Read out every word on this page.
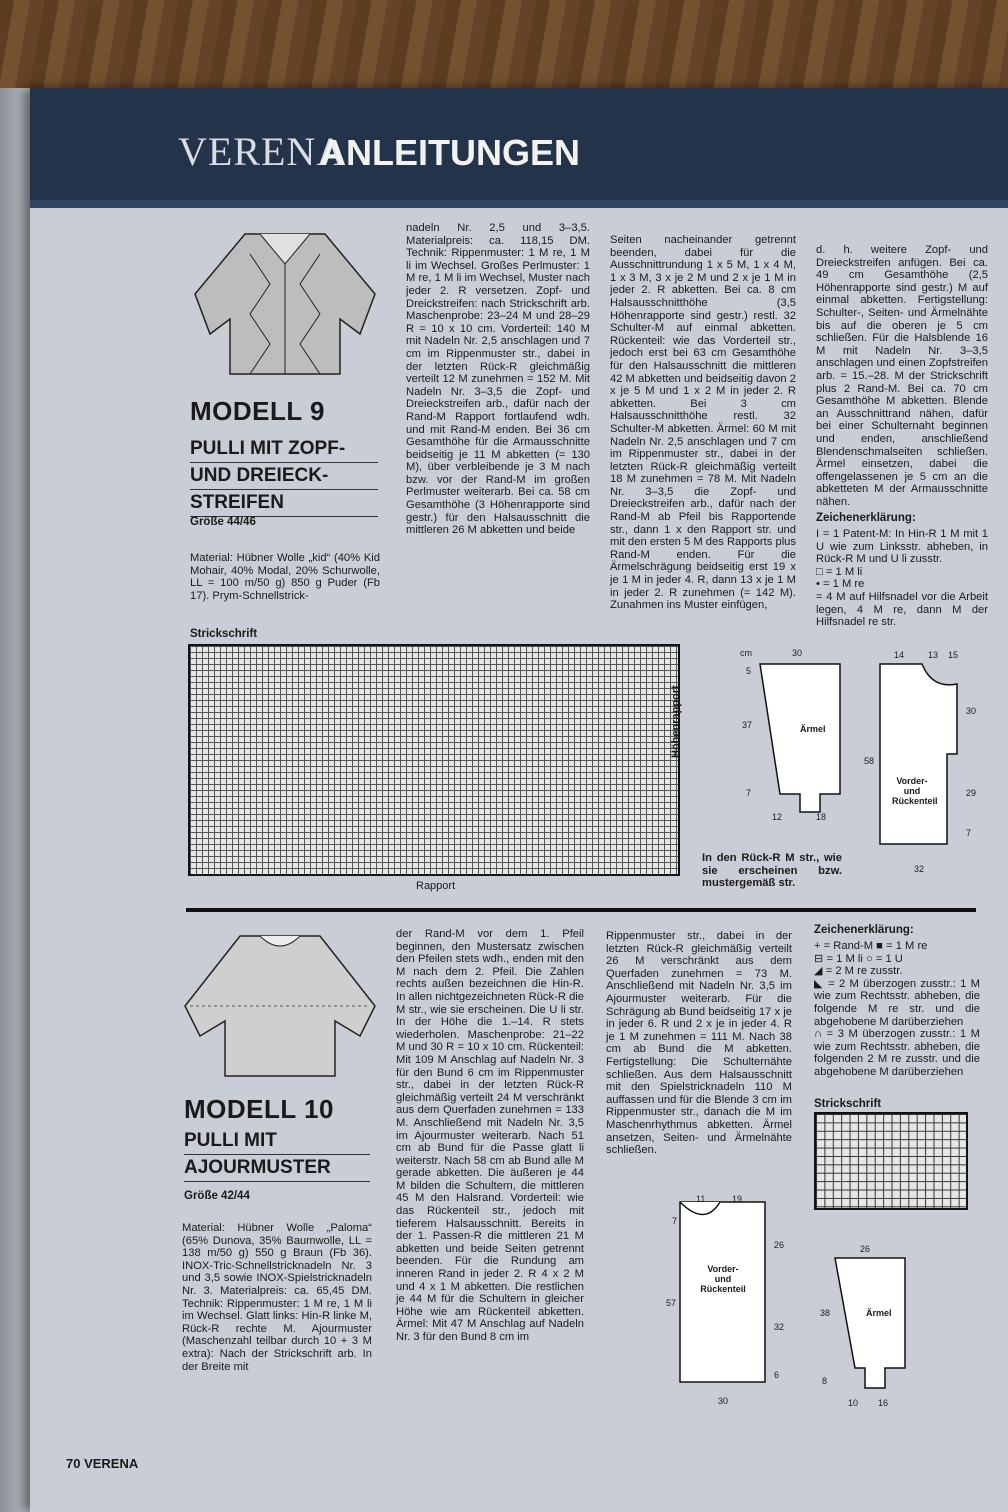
VERENA
ANLEITUNGEN
MODELL 9
PULLI MIT ZOPF-
UND DREIECK-
STREIFEN
Größe 44/46
Material: Hübner Wolle „kid“ (40% Kid Mohair, 40% Modal, 20% Schurwolle, LL = 100 m/50 g) 850 g Puder (Fb 17). Prym-Schnellstrick-
nadeln Nr. 2,5 und 3–3,5. Materialpreis: ca. 118,15 DM. Technik: Rippenmuster: 1 M re, 1 M li im Wechsel. Großes Perlmuster: 1 M re, 1 M li im Wechsel, Muster nach jeder 2. R versetzen. Zopf- und Dreickstreifen: nach Strickschrift arb. Maschenprobe: 23–24 M und 28–29 R = 10 x 10 cm. Vorderteil: 140 M mit Nadeln Nr. 2,5 anschlagen und 7 cm im Rippenmuster str., dabei in der letzten Rück-R gleichmäßig verteilt 12 M zunehmen = 152 M. Mit Nadeln Nr. 3–3,5 die Zopf- und Dreieckstreifen arb., dafür nach der Rand-M Rapport fortlaufend wdh. und mit Rand-M enden. Bei 36 cm Gesamthöhe für die Armausschnitte beidseitig je 11 M abketten (= 130 M), über verbleibende je 3 M nach bzw. vor der Rand-M im großen Perlmuster weiterarb. Bei ca. 58 cm Gesamthöhe (3 Höhenrapporte sind gestr.) für den Halsausschnitt die mittleren 26 M abketten und beide
Seiten nacheinander getrennt beenden, dabei für die Ausschnittrundung 1 x 5 M, 1 x 4 M, 1 x 3 M, 3 x je 2 M und 2 x je 1 M in jeder 2. R abketten. Bei ca. 8 cm Halsausschnitthöhe (3,5 Höhenrapporte sind gestr.) restl. 32 Schulter-M auf einmal abketten. Rückenteil: wie das Vorderteil str., jedoch erst bei 63 cm Gesamthöhe für den Halsausschnitt die mittleren 42 M abketten und beidseitig davon 2 x je 5 M und 1 x 2 M in jeder 2. R abketten. Bei 3 cm Halsausschnitthöhe restl. 32 Schulter-M abketten. Ärmel: 60 M mit Nadeln Nr. 2,5 anschlagen und 7 cm im Rippenmuster str., dabei in der letzten Rück-R gleichmäßig verteilt 18 M zunehmen = 78 M. Mit Nadeln Nr. 3–3,5 die Zopf- und Dreieckstreifen arb., dafür nach der Rand-M ab Pfeil bis Rapportende str., dann 1 x den Rapport str. und mit den ersten 5 M des Rapports plus Rand-M enden. Für die Ärmelschrägung beidseitig erst 19 x je 1 M in jeder 4. R, dann 13 x je 1 M in jeder 2. R zunehmen (= 142 M). Zunahmen ins Muster einfügen,
d. h. weitere Zopf- und Dreieckstreifen anfügen. Bei ca. 49 cm Gesamthöhe (2,5 Höhenrapporte sind gestr.) M auf einmal abketten. Fertigstellung: Schulter-, Seiten- und Ärmelnähte bis auf die oberen je 5 cm schließen. Für die Halsblende 16 M mit Nadeln Nr. 3–3,5 anschlagen und einen Zopfstreifen arb. = 15.–28. M der Strickschrift plus 2 Rand-M. Bei ca. 70 cm Gesamthöhe M abketten. Blende an Ausschnittrand nähen, dafür bei einer Schulternaht beginnen und enden, anschließend Blendenschmalseiten schließen. Ärmel einsetzen, dabei die offengelassenen je 5 cm an die abketteten M der Armausschnitte nähen.
Zeichenerklärung:

I = 1 Patent-M: In Hin-R 1 M mit 1 U wie zum Linksstr. abheben, in Rück-R M und U li zusstr.

□ = 1 M li

• = 1 M re

= 4 M auf Hilfsnadel vor die Arbeit legen, 4 M re, dann M der Hilfsnadel re str.

Strickschrift
Rapport
Höhenrapport
In den Rück-R M str., wie sie erscheinen bzw. mustergemäß str.
Ärmel
30
cm
5
37
7
12	18
Vorder- und Rückenteil
14	13 15
30
58
29
7
32
MODELL 10
PULLI MIT
AJOURMUSTER
Größe 42/44
Material: Hübner Wolle „Paloma“ (65% Dunova, 35% Baumwolle, LL = 138 m/50 g) 550 g Braun (Fb 36). INOX-Tric-Schnellstricknadeln Nr. 3 und 3,5 sowie INOX-Spielstricknadeln Nr. 3. Materialpreis: ca. 65,45 DM. Technik: Rippenmuster: 1 M re, 1 M li im Wechsel. Glatt links: Hin-R linke M, Rück-R rechte M. Ajourmuster (Maschenzahl teilbar durch 10 + 3 M extra): Nach der Strickschrift arb. In der Breite mit
der Rand-M vor dem 1. Pfeil beginnen, den Mustersatz zwischen den Pfeilen stets wdh., enden mit den M nach dem 2. Pfeil. Die Zahlen rechts außen bezeichnen die Hin-R. In allen nichtgezeichneten Rück-R die M str., wie sie erscheinen. Die U li str. In der Höhe die 1.–14. R stets wiederholen. Maschenprobe: 21–22 M und 30 R = 10 x 10 cm. Rückenteil: Mit 109 M Anschlag auf Nadeln Nr. 3 für den Bund 6 cm im Rippenmuster str., dabei in der letzten Rück-R gleichmäßig verteilt 24 M verschränkt aus dem Querfaden zunehmen = 133 M. Anschließend mit Nadeln Nr. 3,5 im Ajourmuster weiterarb. Nach 51 cm ab Bund für die Passe glatt li weiterstr. Nach 58 cm ab Bund alle M gerade abketten. Die äußeren je 44 M bilden die Schultern, die mittleren 45 M den Halsrand. Vorderteil: wie das Rückenteil str., jedoch mit tieferem Halsausschnitt. Bereits in der 1. Passen-R die mittleren 21 M abketten und beide Seiten getrennt beenden. Für die Rundung am inneren Rand in jeder 2. R 4 x 2 M und 4 x 1 M abketten. Die restlichen je 44 M für die Schultern in gleicher Höhe wie am Rückenteil abketten. Ärmel: Mit 47 M Anschlag auf Nadeln Nr. 3 für den Bund 8 cm im
Rippenmuster str., dabei in der letzten Rück-R gleichmäßig verteilt 26 M verschränkt aus dem Querfaden zunehmen = 73 M. Anschließend mit Nadeln Nr. 3,5 im Ajourmuster weiterarb. Für die Schrägung ab Bund beidseitig 17 x je in jeder 6. R und 2 x je in jeder 4. R je 1 M zunehmen = 111 M. Nach 38 cm ab Bund die M abketten. Fertigstellung: Die Schulternähte schließen. Aus dem Halsausschnitt mit den Spielstricknadeln 110 M auffassen und für die Blende 3 cm im Rippenmuster str., danach die M im Maschenrhythmus abketten. Ärmel ansetzen, Seiten- und Ärmelnähte schließen.
Zeichenerklärung:

+ = Rand-M ■ = 1 M re

⊟ = 1 M li ○ = 1 U

◢ = 2 M re zusstr.

◣ = 2 M überzogen zusstr.: 1 M wie zum Rechtsstr. abheben, die folgende M re str. und die abgehobene M darüberziehen

∩ = 3 M überzogen zusstr.: 1 M wie zum Rechtsstr. abheben, die folgenden 2 M re zusstr. und die abgehobene M darüberziehen

Strickschrift
Vorder- und Rückenteil
11	19
7
26
57
32
6
30
Ärmel
26
38
8
10 16
70 VERENA
